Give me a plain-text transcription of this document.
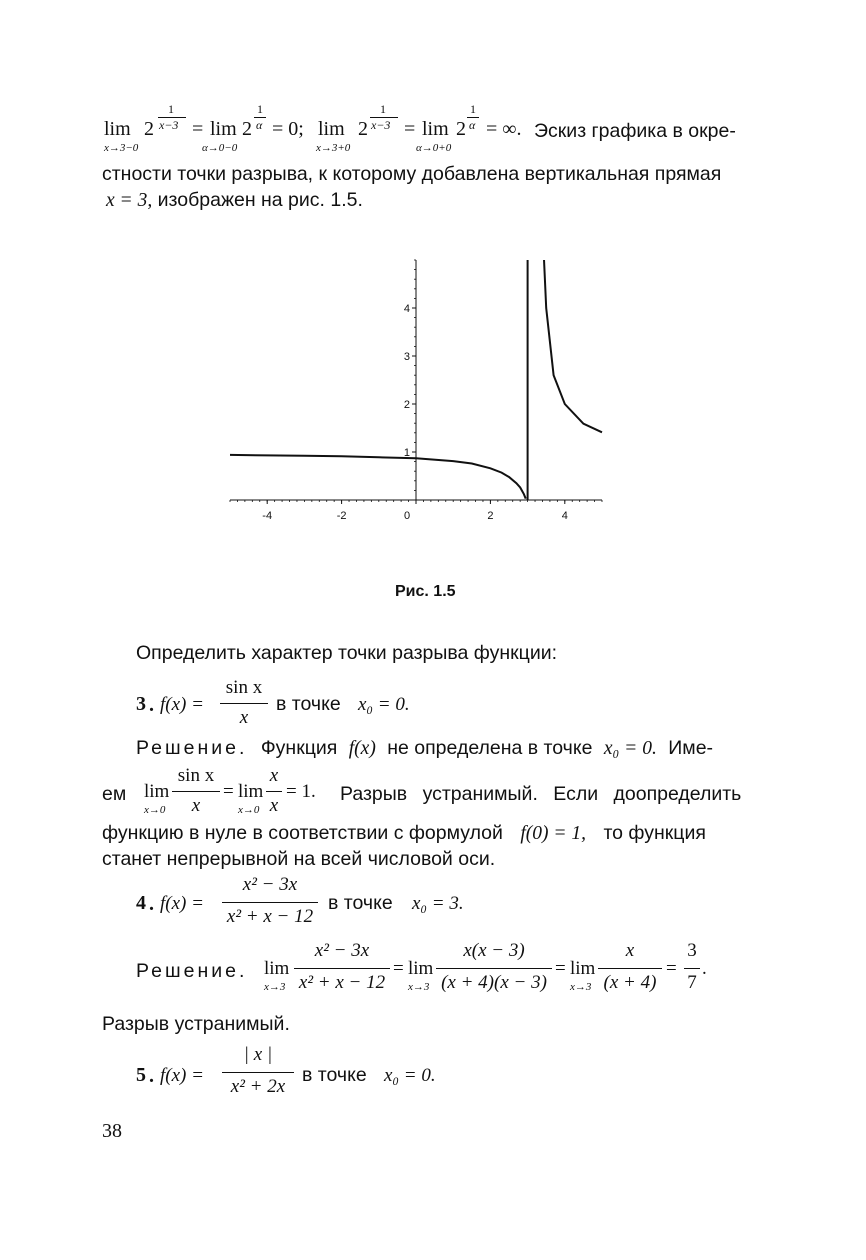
lim
x→3−0
2
1
x−3 = lim
α→0−0
2
1
α = 0; lim
x→3+0
2
1
x−3 = lim
α→0+0
2
1
α = ∞. Эскиз графика в окре-
стности точки разрыва, к которому добавлена вертикальная прямая
x = 3, изображен на рис. 1.5.
-4	-2	0	2	4
1
2
3
4
Рис. 1.5
Определить характер точки разрыва функции:
3 . f(x) =
sin x
x
в точке x₀ = 0.
Решение. Функция f(x) не определена в точке x₀ = 0. Име-
ем lim
x→0
sin x
x
= lim
x→0
x
x
= 1. Разрыв устранимый. Если доопределить
функцию в нуле в соответствии с формулой f(0) = 1, то функция
станет непрерывной на всей числовой оси.
4 . f(x) =
x² − 3x
x² + x − 12
в точке x₀ = 3.
Решение. lim
x→3
x² − 3x
x² + x − 12
= lim
x→3
x(x − 3)
(x + 4)(x − 3)
= lim
x→3
x
(x + 4)
=
3
7
.
Разрыв устранимый.
5 . f(x) =
| x |
x² + 2x
в точке x₀ = 0.
38
